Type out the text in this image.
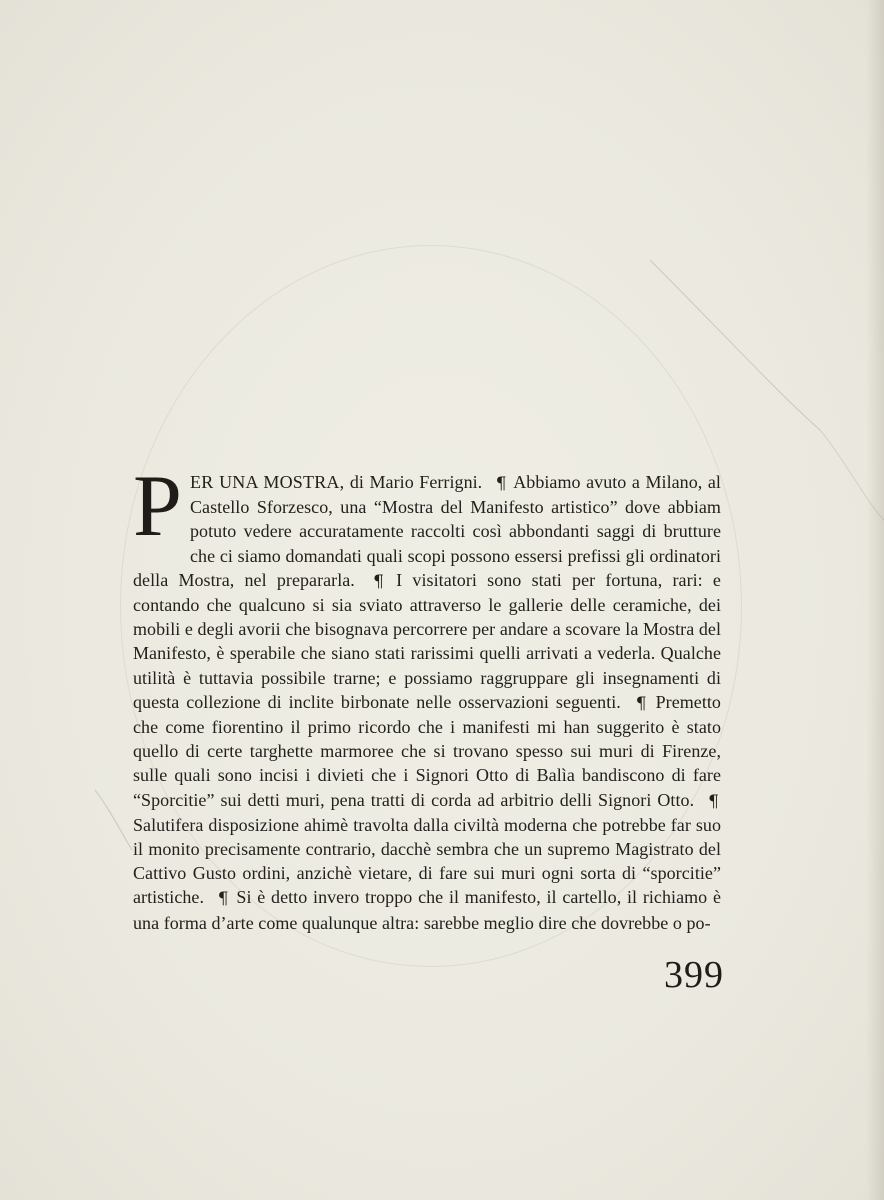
P ER UNA MOSTRA, di Mario Ferrigni. ¶ Abbiamo avuto a Milano, al Castello Sforzesco, una “Mostra del Manifesto artistico” dove abbiam potuto vedere accuratamente raccolti così abbondanti saggi di brutture che ci siamo domandati quali scopi possono essersi prefissi gli ordinatori della Mostra, nel prepararla. ¶ I visitatori sono stati per fortuna, rari: e contando che qualcuno si sia sviato attraverso le gallerie delle ceramiche, dei mobili e degli avorii che bisognava percorrere per andare a scovare la Mostra del Manifesto, è sperabile che siano stati rarissimi quelli arrivati a vederla. Qualche utilità è tuttavia possibile trarne; e possiamo raggruppare gli insegnamenti di questa collezione di inclite birbonate nelle osservazioni seguenti. ¶ Premetto che come fiorentino il primo ricordo che i manifesti mi han suggerito è stato quello di certe targhette marmoree che si trovano spesso sui muri di Firenze, sulle quali sono incisi i divieti che i Signori Otto di Balìa bandiscono di fare “Sporcitie” sui detti muri, pena tratti di corda ad arbitrio delli Signori Otto. ¶ Salutifera disposizione ahimè travolta dalla civiltà moderna che potrebbe far suo il monito precisamente contrario, dacchè sembra che un supremo Magistrato del Cattivo Gusto ordini, anzichè vietare, di fare sui muri ogni sorta di “sporcitie” artistiche. ¶ Si è detto invero troppo che il manifesto, il cartello, il richiamo è una forma d’arte come qualunque altra: sarebbe meglio dire che dovrebbe o po-
399
